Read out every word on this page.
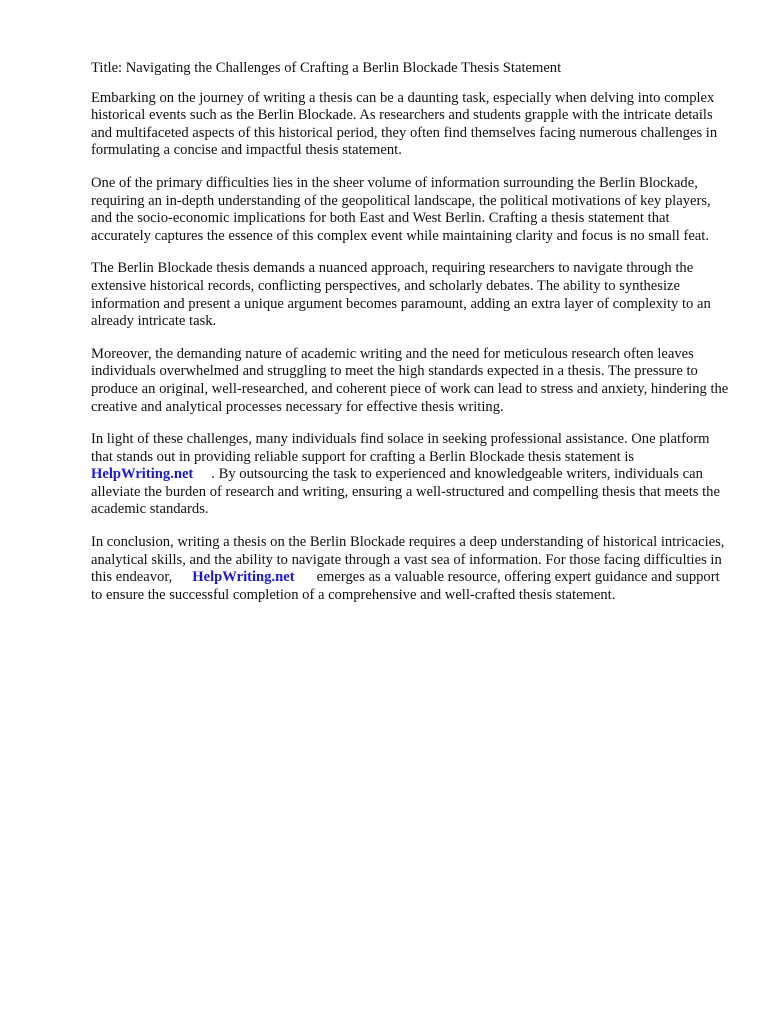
Title: Navigating the Challenges of Crafting a Berlin Blockade Thesis Statement

Embarking on the journey of writing a thesis can be a daunting task, especially when delving into complex historical events such as the Berlin Blockade. As researchers and students grapple with the intricate details and multifaceted aspects of this historical period, they often find themselves facing numerous challenges in formulating a concise and impactful thesis statement.

One of the primary difficulties lies in the sheer volume of information surrounding the Berlin Blockade, requiring an in-depth understanding of the geopolitical landscape, the political motivations of key players, and the socio-economic implications for both East and West Berlin. Crafting a thesis statement that accurately captures the essence of this complex event while maintaining clarity and focus is no small feat.

The Berlin Blockade thesis demands a nuanced approach, requiring researchers to navigate through the extensive historical records, conflicting perspectives, and scholarly debates. The ability to synthesize information and present a unique argument becomes paramount, adding an extra layer of complexity to an already intricate task.

Moreover, the demanding nature of academic writing and the need for meticulous research often leaves individuals overwhelmed and struggling to meet the high standards expected in a thesis. The pressure to produce an original, well-researched, and coherent piece of work can lead to stress and anxiety, hindering the creative and analytical processes necessary for effective thesis writing.

In light of these challenges, many individuals find solace in seeking professional assistance. One platform that stands out in providing reliable support for crafting a Berlin Blockade thesis statement isHelpWriting.net . By outsourcing the task to experienced and knowledgeable writers, individuals can alleviate the burden of research and writing, ensuring a well-structured and compelling thesis that meets the academic standards.

In conclusion, writing a thesis on the Berlin Blockade requires a deep understanding of historical intricacies, analytical skills, and the ability to navigate through a vast sea of information. For those facing difficulties in this endeavor, HelpWriting.net emerges as a valuable resource, offering expert guidance and support to ensure the successful completion of a comprehensive and well-crafted thesis statement.
